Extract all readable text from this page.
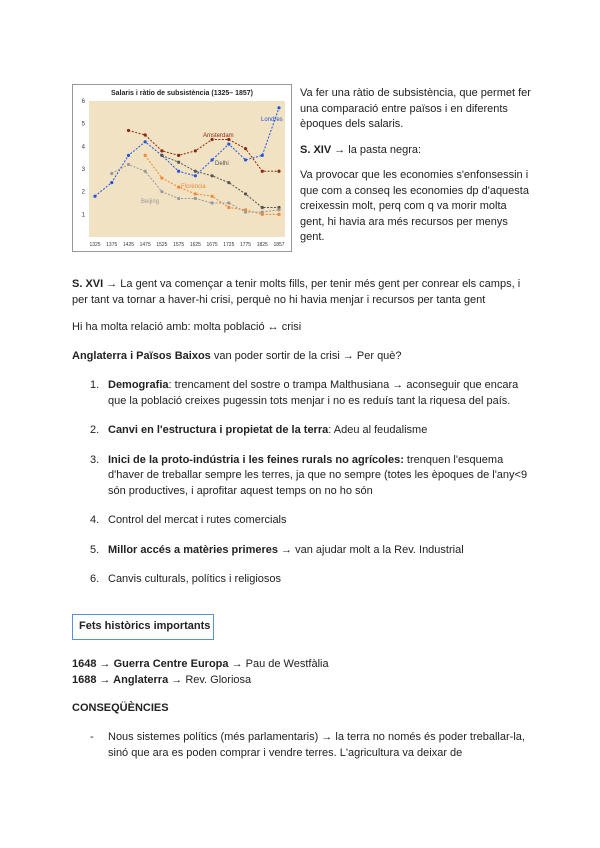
Salaris i ràtio de subsistència (1325– 1857)
1
2
3
4
5
6
1325 1375 1425 1475 1525 1575 1625 1675 1725 1775 1825 1857
Londres
Amsterdam
Delhi
Florència
Beijing

Va fer una ràtio de subsistència, que permet fer una comparació entre països i en diferents èpoques dels salaris.

S. XIV → la pasta negra:

Va provocar que les economies s'enfonsessin i que com a conseq les economies dp d'aquesta creixessin molt, perq com q va morir molta gent, hi havia ara més recursos per menys gent.

S. XVI → La gent va començar a tenir molts fills, per tenir més gent per conrear els camps, i per tant va tornar a haver-hi crisi, perquè no hi havia menjar i recursos per tanta gent

Hi ha molta relació amb: molta població ↔ crisi

Anglaterra i Països Baixos van poder sortir de la crisi → Per què?

1. Demografia: trencament del sostre o trampa Malthusiana → aconseguir que encara que la població creixes pugessin tots menjar i no es reduís tant la riquesa del país.
2. Canvi en l'estructura i propietat de la terra: Adeu al feudalisme
3. Inici de la proto-indústria i les feines rurals no agrícoles: trenquen l'esquema d'haver de treballar sempre les terres, ja que no sempre (totes les èpoques de l'any<9 són productives, i aprofitar aquest temps on no ho són
4. Control del mercat i rutes comercials
5. Millor accés a matèries primeres → van ajudar molt a la Rev. Industrial
6. Canvis culturals, polítics i religiosos
Fets històrics importants

1648 → Guerra Centre Europa → Pau de Westfàlia

1688 → Anglaterra → Rev. Gloriosa

CONSEQÜÈNCIES

- Nous sistemes polítics (més parlamentaris) → la terra no només és poder treballar-la, sinó que ara es poden comprar i vendre terres. L'agricultura va deixar de
